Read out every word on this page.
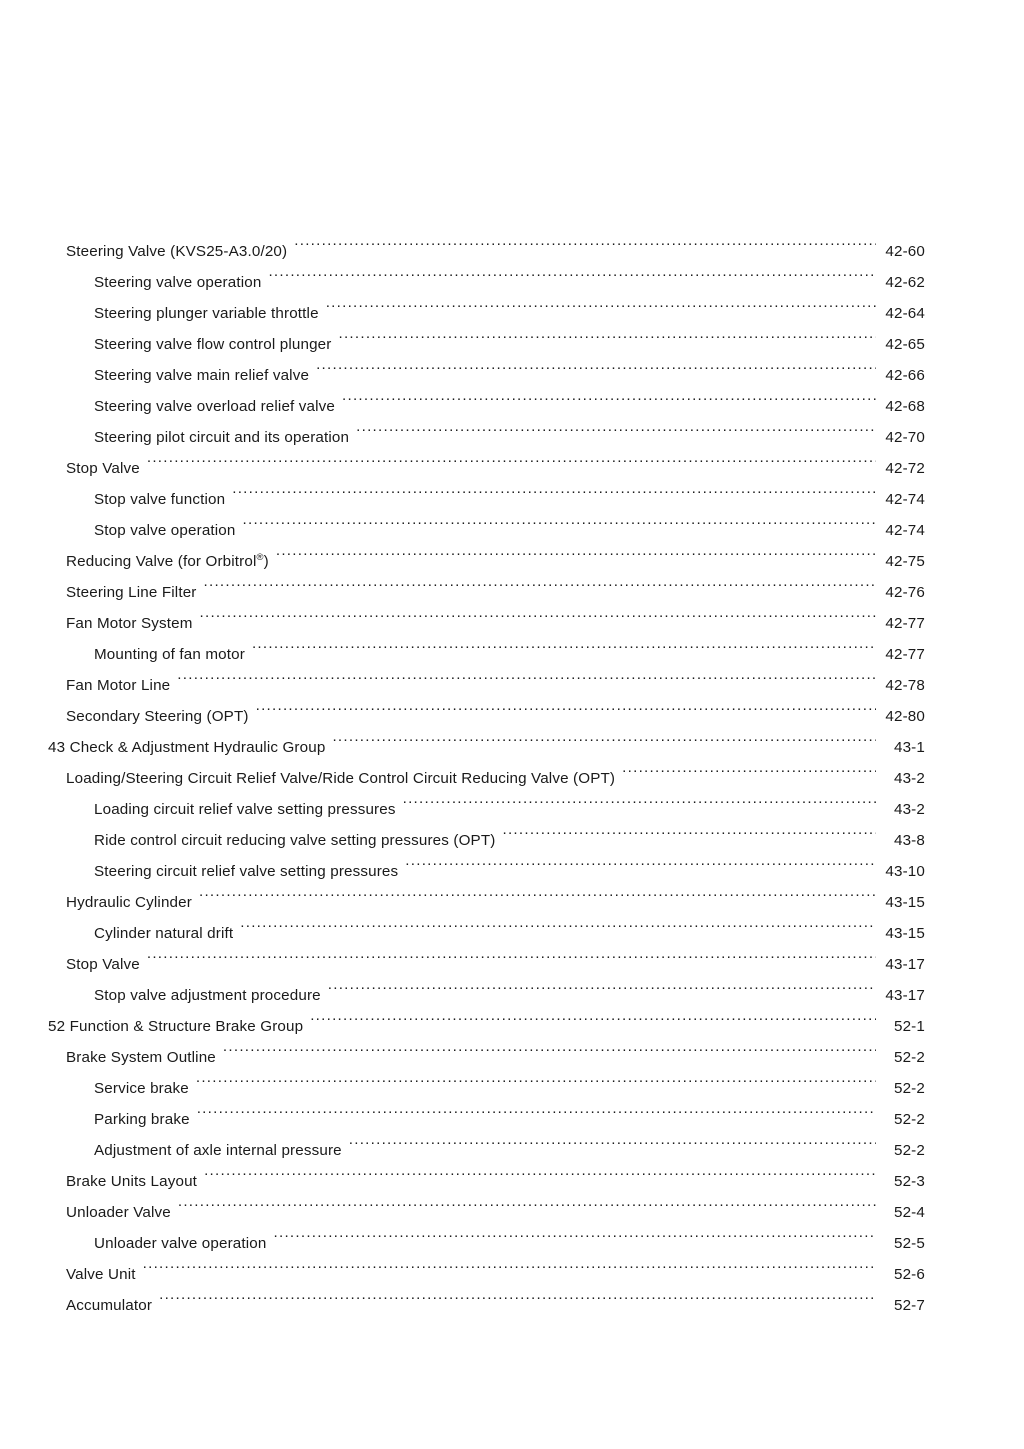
Steering Valve (KVS25-A3.0/20) .....	42-60
Steering valve operation .....	42-62
Steering plunger variable throttle .....	42-64
Steering valve flow control plunger .....	42-65
Steering valve main relief valve .....	42-66
Steering valve overload relief valve .....	42-68
Steering pilot circuit and its operation .....	42-70
Stop Valve .....	42-72
Stop valve function .....	42-74
Stop valve operation .....	42-74
Reducing Valve (for Orbitrol®) .....	42-75
Steering Line Filter .....	42-76
Fan Motor System .....	42-77
Mounting of fan motor .....	42-77
Fan Motor Line .....	42-78
Secondary Steering (OPT) .....	42-80
43 Check & Adjustment Hydraulic Group .....	43-1
Loading/Steering Circuit Relief Valve/Ride Control Circuit Reducing Valve (OPT) .....	43-2
Loading circuit relief valve setting pressures .....	43-2
Ride control circuit reducing valve setting pressures (OPT) .....	43-8
Steering circuit relief valve setting pressures .....	43-10
Hydraulic Cylinder .....	43-15
Cylinder natural drift .....	43-15
Stop Valve .....	43-17
Stop valve adjustment procedure .....	43-17
52 Function & Structure Brake Group .....	52-1
Brake System Outline .....	52-2
Service brake .....	52-2
Parking brake .....	52-2
Adjustment of axle internal pressure .....	52-2
Brake Units Layout .....	52-3
Unloader Valve .....	52-4
Unloader valve operation .....	52-5
Valve Unit .....	52-6
Accumulator .....	52-7
